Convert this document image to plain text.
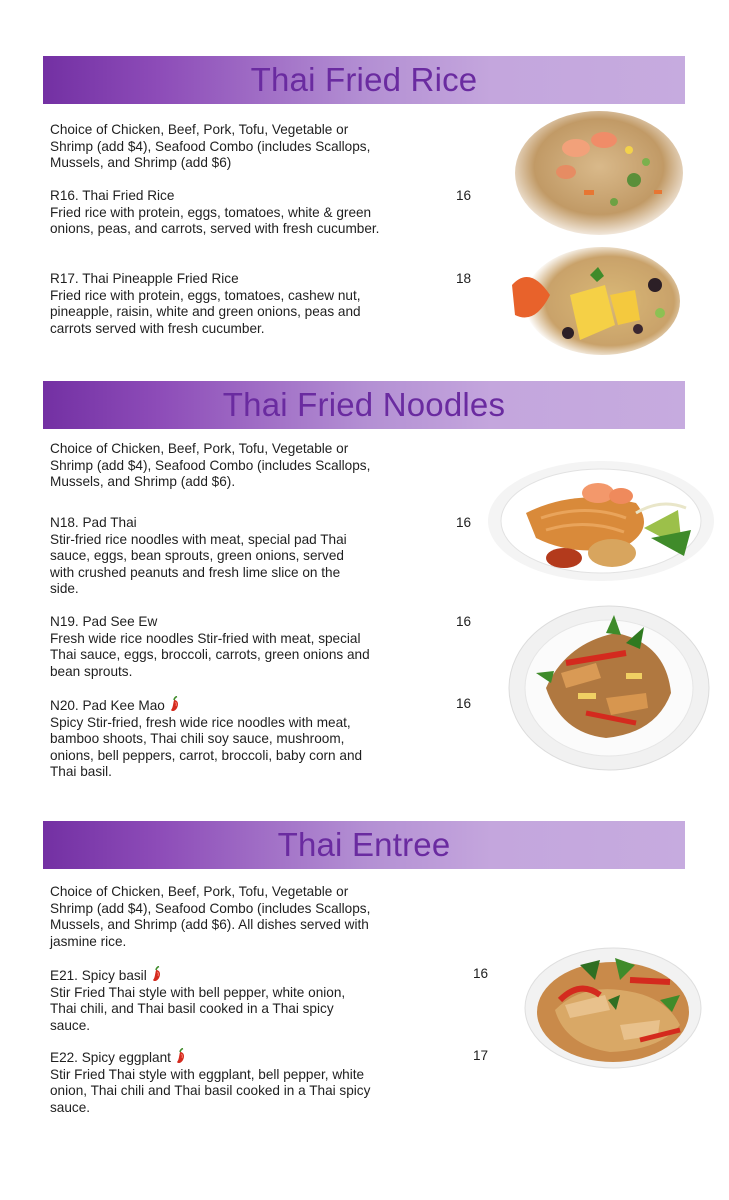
Thai Fried Rice

Choice of Chicken, Beef, Pork, Tofu, Vegetable or Shrimp (add $4), Seafood Combo (includes Scallops, Mussels, and Shrimp (add $6)

R16. Thai Fried Rice

Fried rice with protein, eggs, tomatoes, white & green onions, peas, and carrots, served with fresh cucumber.

16

R17. Thai Pineapple Fried Rice

Fried rice with protein, eggs, tomatoes, cashew nut, pineapple, raisin, white and green onions, peas and carrots served with fresh cucumber.

18
Thai Fried Noodles

Choice of Chicken, Beef, Pork, Tofu, Vegetable or Shrimp (add $4), Seafood Combo (includes Scallops, Mussels, and Shrimp (add $6).

N18. Pad Thai

Stir-fried rice noodles with meat, special pad Thai sauce, eggs, bean sprouts, green onions, served with crushed peanuts and fresh lime slice on the side.

16

N19. Pad See Ew

Fresh wide rice noodles Stir-fried with meat, special Thai sauce, eggs, broccoli, carrots, green onions and bean sprouts.

16

N20. Pad Kee Mao

Spicy Stir-fried, fresh wide rice noodles with meat, bamboo shoots, Thai chili soy sauce, mushroom, onions, bell peppers, carrot, broccoli, baby corn and Thai basil.

16
Thai Entree

Choice of Chicken, Beef, Pork, Tofu, Vegetable or Shrimp (add $4), Seafood Combo (includes Scallops, Mussels, and Shrimp (add $6). All dishes served with jasmine rice.

E21. Spicy basil

Stir Fried Thai style with bell pepper, white onion, Thai chili, and Thai basil cooked in a Thai spicy sauce.

16

E22. Spicy eggplant

Stir Fried Thai style with eggplant, bell pepper, white onion, Thai chili and Thai basil cooked in a Thai spicy sauce.

17
